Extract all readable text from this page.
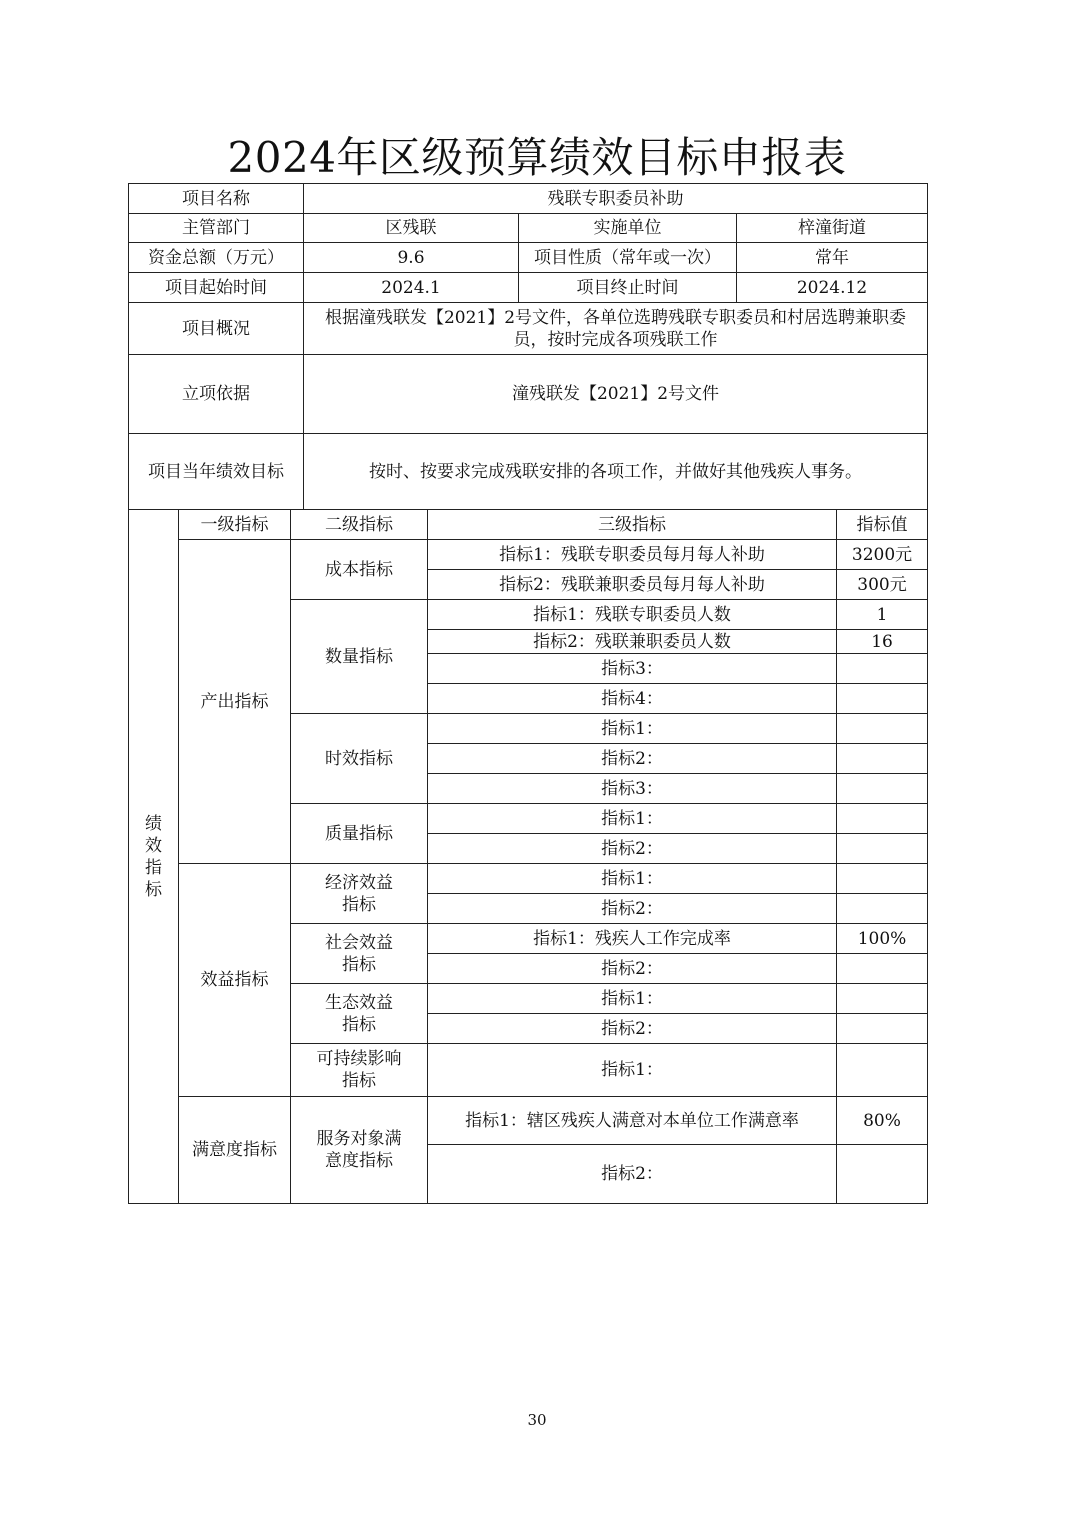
2024年区级预算绩效目标申报表
项目名称			残联专职委员补助				
主管部门			区残联		实施单位	梓潼街道	
资金总额（万元）			9.6		项目性质（常年或一次）	常年	
项目起始时间			2024.1		项目终止时间	2024.12	
项目概况			根据潼残联发【2021】2号文件，各单位选聘残联专职委员和村居选聘兼职委员，按时完成各项残联工作				
立项依据			潼残联发【2021】2号文件				
项目当年绩效目标			按时、按要求完成残联安排的各项工作，并做好其他残疾人事务。				

绩效指标	一级指标	二级指标		三级指标			指标值
	产出指标	成本指标		指标1：残联专职委员每月每人补助			3200元
				指标2：残联兼职委员每月每人补助			300元
		数量指标		指标1：残联专职委员人数			1
				指标2：残联兼职委员人数			16
				指标3：			
				指标4：			
		时效指标		指标1：			
				指标2：			
				指标3：			
		质量指标		指标1：			
				指标2：			
	效益指标	经济效益指标		指标1：			
				指标2：			

		社会效益指标		指标1：残疾人工作完成率			100%
				指标2：			

		生态效益指标		指标1：			
				指标2：			

		可持续影响指标		指标1：			
	满意度指标	服务对象满意度指标		指标1：辖区残疾人满意对本单位工作满意率			80%
				指标2：			
30
